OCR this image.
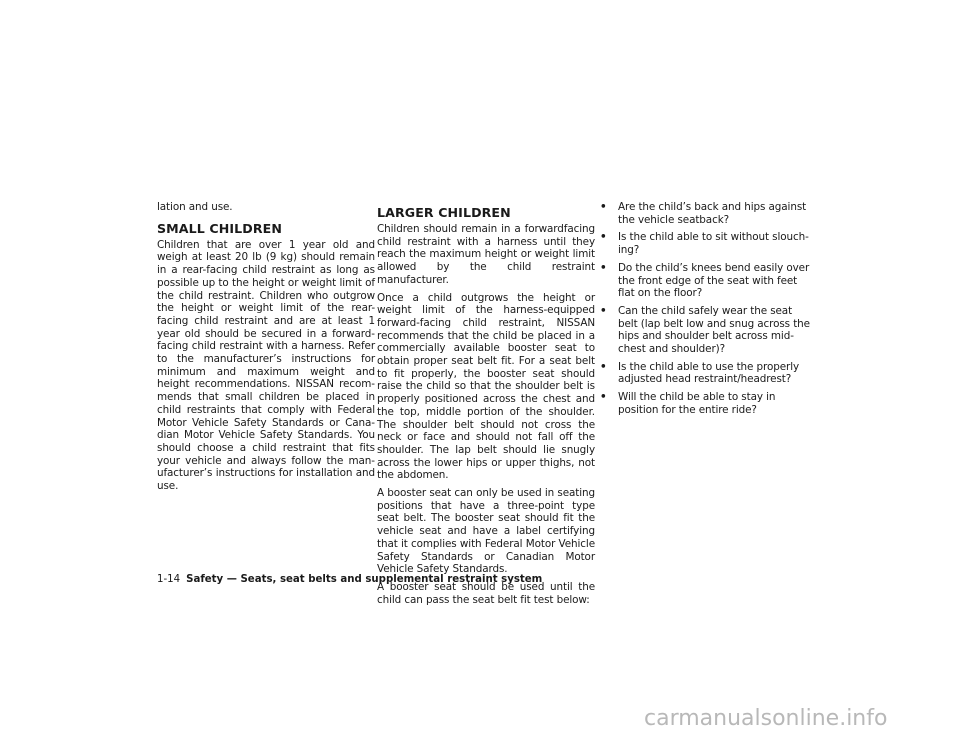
lation and use.

SMALL CHILDREN

Children that are over 1 year old and weigh at least 20 lb (9 kg) should remain in a rear-facing child restraint as long as possible up to the height or weight limit of the child restraint. Children who outgrow the height or weight limit of the rear-facing child restraint and are at least 1 year old should be secured in a forwardfacing child restraint with a harness. Refer to the manufacturer’s instructions for minimum and maximum weight and height recommendations. NISSAN recommends that small children be placed in child restraints that comply with Federal Motor Vehicle Safety Standards or Canadian Motor Vehicle Safety Standards. You should choose a child restraint that fits your vehicle and always follow the manufacturer’s instructions for installation and use.

LARGER CHILDREN

Children should remain in a forwardfacing child restraint with a harness until they reach the maximum height or weight limit allowed by the child restraint manufacturer.

Once a child outgrows the height or weight limit of the harness-equipped forward-facing child restraint, NISSAN recommends that the child be placed in a commercially available booster seat to obtain proper seat belt fit. For a seat belt to fit properly, the booster seat should raise the child so that the shoulder belt is properly positioned across the chest and the top, middle portion of the shoulder. The shoulder belt should not cross the neck or face and should not fall off the shoulder. The lap belt should lie snugly across the lower hips or upper thighs, not the abdomen.

A booster seat can only be used in seating positions that have a three-point type seat belt. The booster seat should fit the vehicle seat and have a label certifying that it complies with Federal Motor Vehicle Safety Standards or Canadian Motor Vehicle Safety Standards.

A booster seat should be used until the child can pass the seat belt fit test below:

• Are the child’s back and hips against the vehicle seatback?
• Is the child able to sit without slouching?
• Do the child’s knees bend easily over the front edge of the seat with feet flat on the floor?
• Can the child safely wear the seat belt (lap belt low and snug across the hips and shoulder belt across mid-chest and shoulder)?
• Is the child able to use the properly adjusted head restraint/headrest?
• Will the child be able to stay in position for the entire ride?
1-14 Safety — Seats, seat belts and supplemental restraint system
carmanualsonline.info
